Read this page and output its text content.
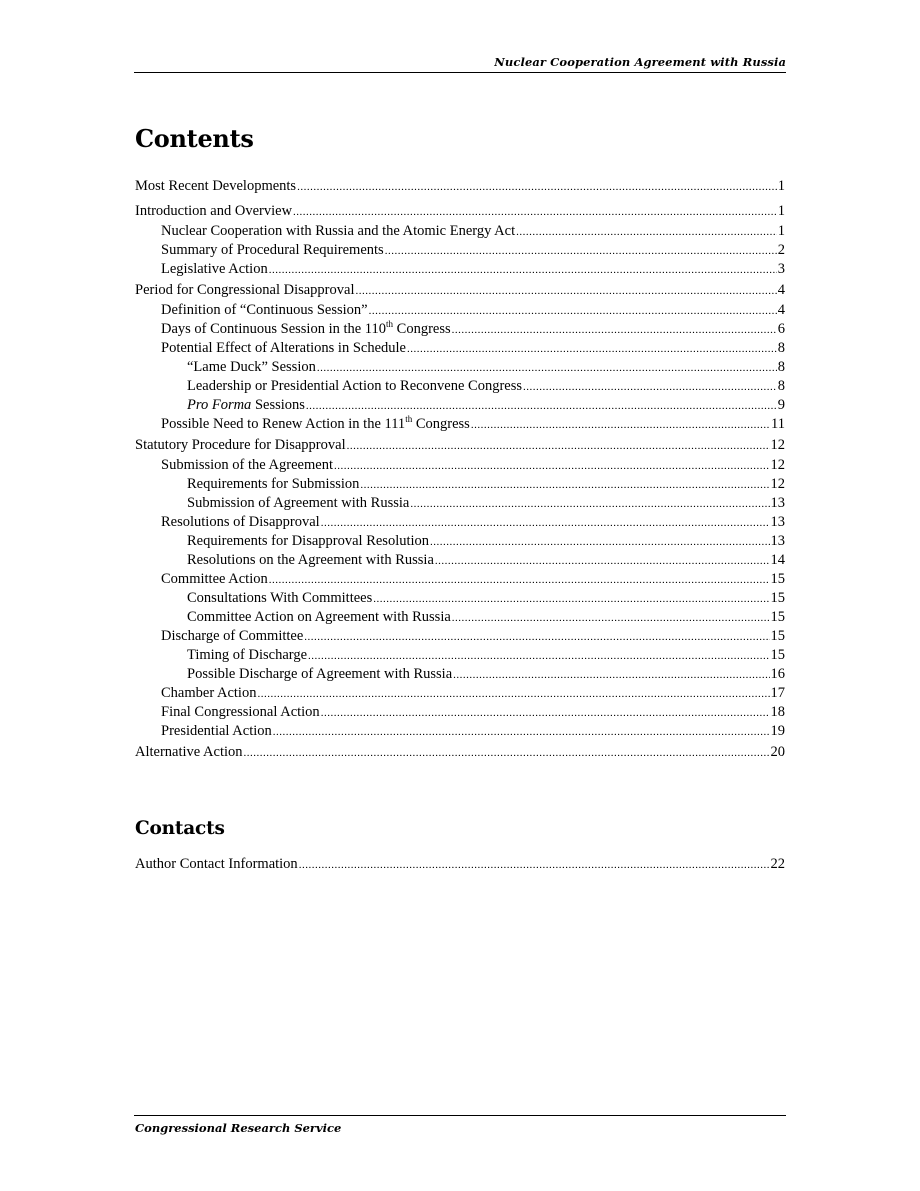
Nuclear Cooperation Agreement with Russia
Contents
Most Recent Developments .....	1
Introduction and Overview .....	1
Nuclear Cooperation with Russia and the Atomic Energy Act .....	1
Summary of Procedural Requirements .....	2
Legislative Action .....	3
Period for Congressional Disapproval .....	4
Definition of “Continuous Session” .....	4
Days of Continuous Session in the 110th Congress .....	6
Potential Effect of Alterations in Schedule .....	8
“Lame Duck” Session .....	8
Leadership or Presidential Action to Reconvene Congress .....	8
Pro Forma Sessions .....	9
Possible Need to Renew Action in the 111th Congress .....	11
Statutory Procedure for Disapproval .....	12
Submission of the Agreement .....	12
Requirements for Submission .....	12
Submission of Agreement with Russia .....	13
Resolutions of Disapproval .....	13
Requirements for Disapproval Resolution .....	13
Resolutions on the Agreement with Russia .....	14
Committee Action .....	15
Consultations With Committees .....	15
Committee Action on Agreement with Russia .....	15
Discharge of Committee .....	15
Timing of Discharge .....	15
Possible Discharge of Agreement with Russia .....	16
Chamber Action .....	17
Final Congressional Action .....	18
Presidential Action .....	19
Alternative Action .....	20
Contacts
Author Contact Information .....	22
Congressional Research Service
